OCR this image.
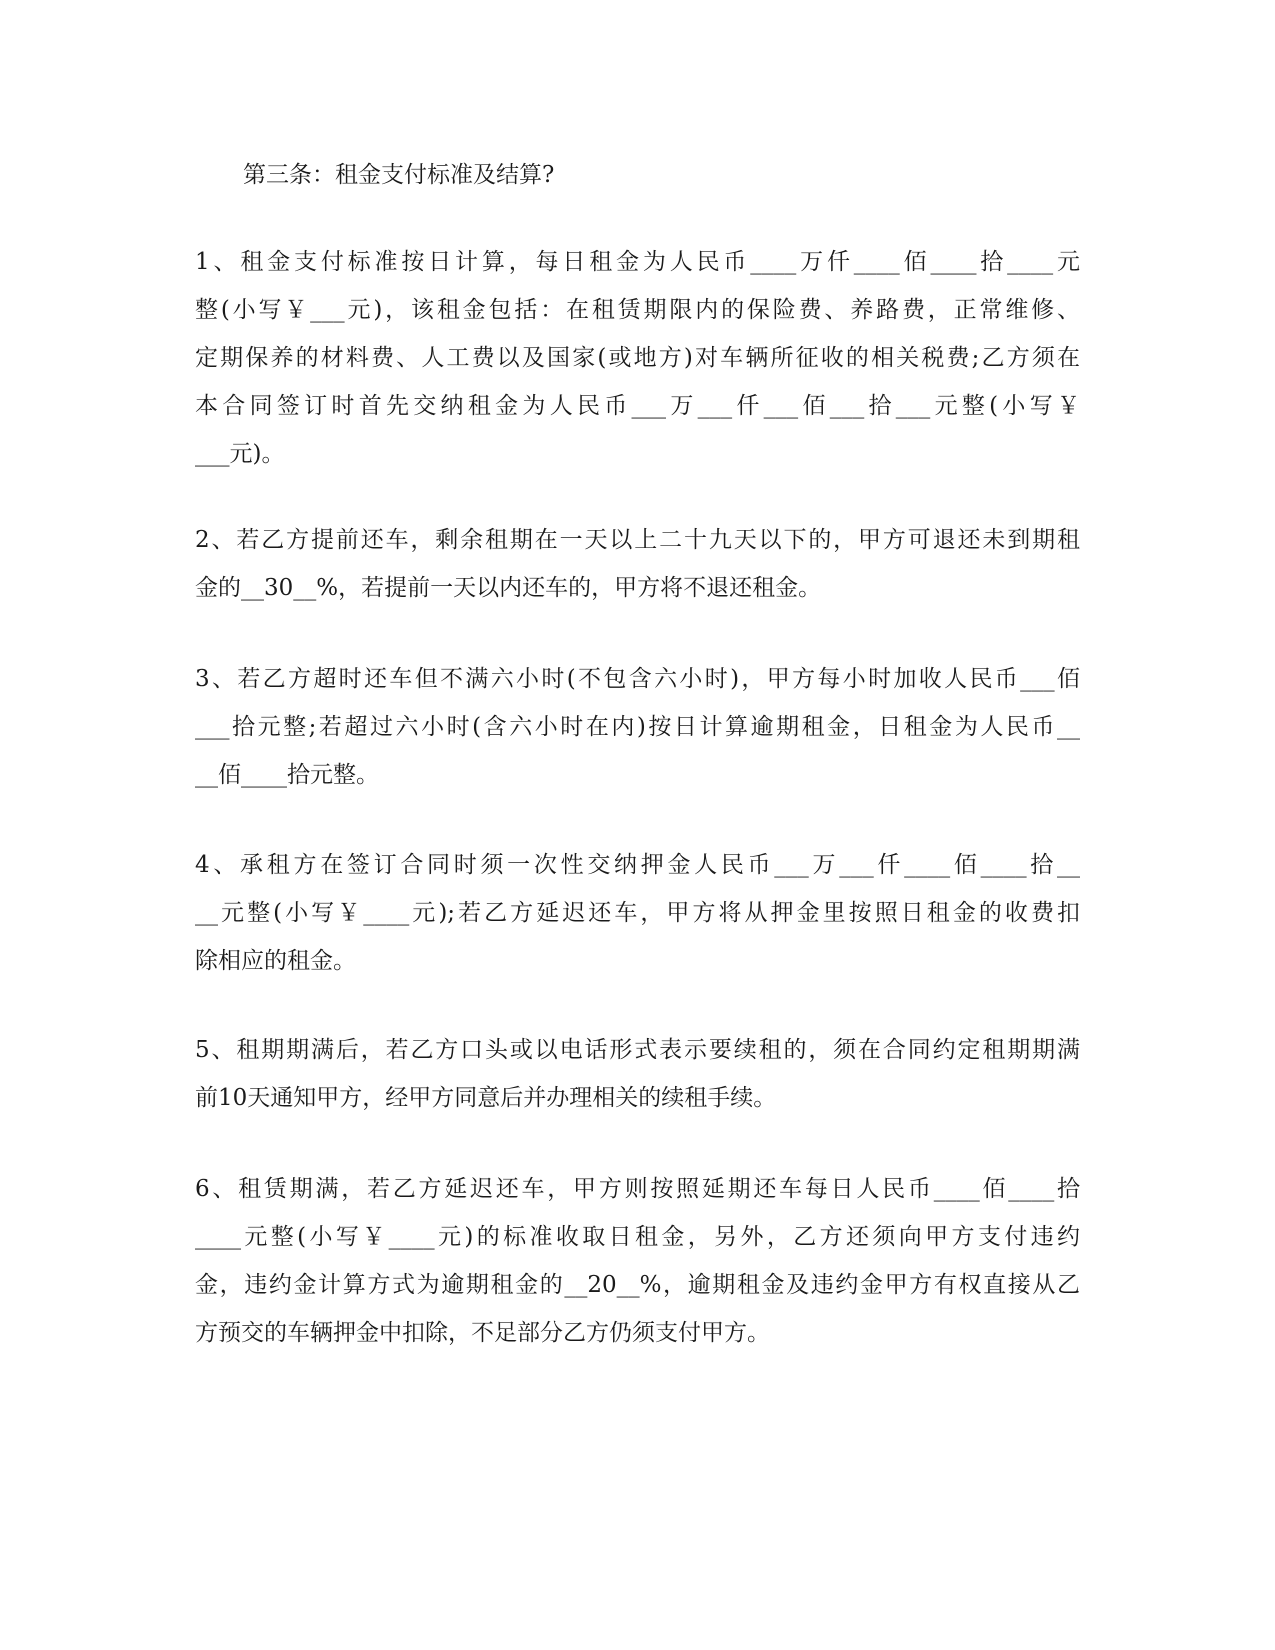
第三条：租金支付标准及结算?
1、租金支付标准按日计算，每日租金为人民币____万仟____佰____拾____元
整(小写￥___元)，该租金包括：在租赁期限内的保险费、养路费，正常维修、
定期保养的材料费、人工费以及国家(或地方)对车辆所征收的相关税费;乙方须在
本合同签订时首先交纳租金为人民币___万___仟___佰___拾___元整(小写￥
___元)。
2、若乙方提前还车，剩余租期在一天以上二十九天以下的，甲方可退还未到期租
金的__30__%，若提前一天以内还车的，甲方将不退还租金。
3、若乙方超时还车但不满六小时(不包含六小时)，甲方每小时加收人民币___佰
___拾元整;若超过六小时(含六小时在内)按日计算逾期租金，日租金为人民币__
__佰____拾元整。
4、承租方在签订合同时须一次性交纳押金人民币___万___仟____佰____拾__
__元整(小写￥____元);若乙方延迟还车，甲方将从押金里按照日租金的收费扣
除相应的租金。
5、租期期满后，若乙方口头或以电话形式表示要续租的，须在合同约定租期期满
前10天通知甲方，经甲方同意后并办理相关的续租手续。
6、租赁期满，若乙方延迟还车，甲方则按照延期还车每日人民币____佰____拾
____元整(小写￥____元)的标准收取日租金，另外，乙方还须向甲方支付违约
金，违约金计算方式为逾期租金的__20__%，逾期租金及违约金甲方有权直接从乙
方预交的车辆押金中扣除，不足部分乙方仍须支付甲方。
